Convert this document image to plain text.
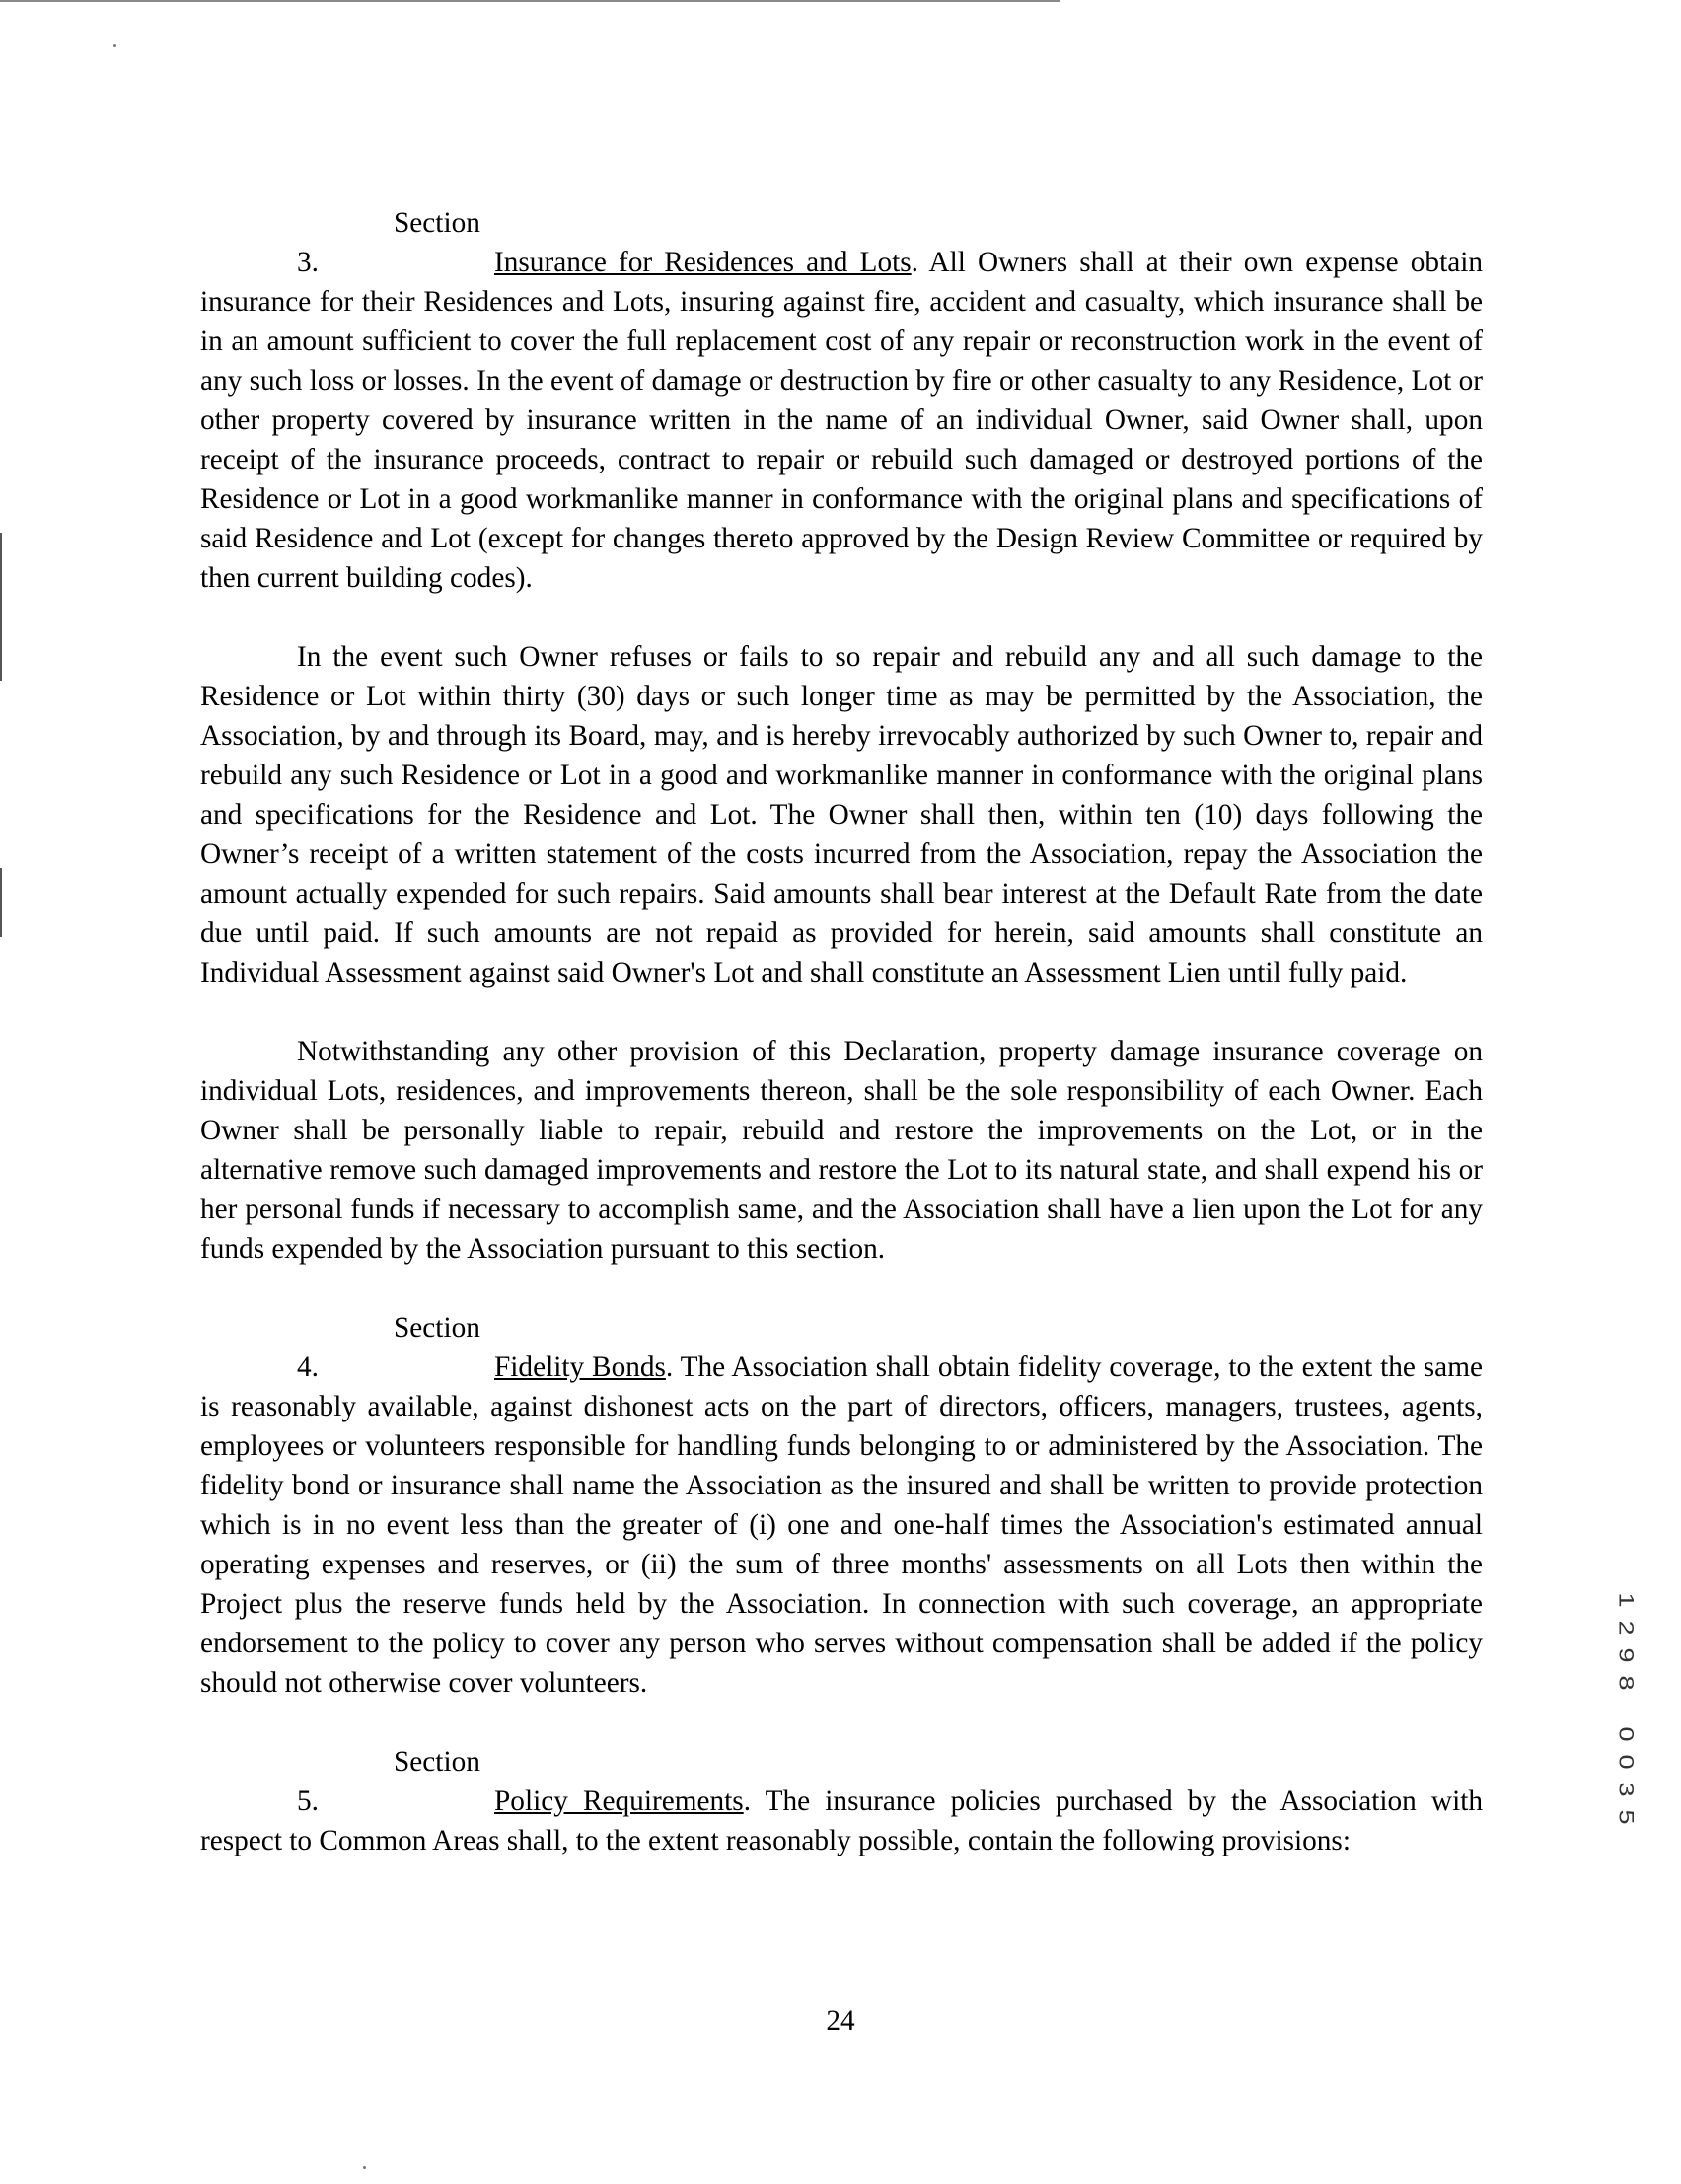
Section 3.	Insurance for Residences and Lots. All Owners shall at their own expense obtain insurance for their Residences and Lots, insuring against fire, accident and casualty, which insurance shall be in an amount sufficient to cover the full replacement cost of any repair or reconstruction work in the event of any such loss or losses. In the event of damage or destruction by fire or other casualty to any Residence, Lot or other property covered by insurance written in the name of an individual Owner, said Owner shall, upon receipt of the insurance proceeds, contract to repair or rebuild such damaged or destroyed portions of the Residence or Lot in a good workmanlike manner in conformance with the original plans and specifications of said Residence and Lot (except for changes thereto approved by the Design Review Committee or required by then current building codes).

In the event such Owner refuses or fails to so repair and rebuild any and all such damage to the Residence or Lot within thirty (30) days or such longer time as may be permitted by the Association, the Association, by and through its Board, may, and is hereby irrevocably authorized by such Owner to, repair and rebuild any such Residence or Lot in a good and workmanlike manner in conformance with the original plans and specifications for the Residence and Lot. The Owner shall then, within ten (10) days following the Owner’s receipt of a written statement of the costs incurred from the Association, repay the Association the amount actually expended for such repairs. Said amounts shall bear interest at the Default Rate from the date due until paid. If such amounts are not repaid as provided for herein, said amounts shall constitute an Individual Assessment against said Owner's Lot and shall constitute an Assessment Lien until fully paid.

Notwithstanding any other provision of this Declaration, property damage insurance coverage on individual Lots, residences, and improvements thereon, shall be the sole responsibility of each Owner. Each Owner shall be personally liable to repair, rebuild and restore the improvements on the Lot, or in the alternative remove such damaged improvements and restore the Lot to its natural state, and shall expend his or her personal funds if necessary to accomplish same, and the Association shall have a lien upon the Lot for any funds expended by the Association pursuant to this section.

Section 4.	Fidelity Bonds. The Association shall obtain fidelity coverage, to the extent the same is reasonably available, against dishonest acts on the part of directors, officers, managers, trustees, agents, employees or volunteers responsible for handling funds belonging to or administered by the Association. The fidelity bond or insurance shall name the Association as the insured and shall be written to provide protection which is in no event less than the greater of (i) one and one-half times the Association's estimated annual operating expenses and reserves, or (ii) the sum of three months' assessments on all Lots then within the Project plus the reserve funds held by the Association. In connection with such coverage, an appropriate endorsement to the policy to cover any person who serves without compensation shall be added if the policy should not otherwise cover volunteers.

Section 5.	Policy Requirements. The insurance policies purchased by the Association with respect to Common Areas shall, to the extent reasonably possible, contain the following provisions:

24
1
2
9
8
0
0
3
5
